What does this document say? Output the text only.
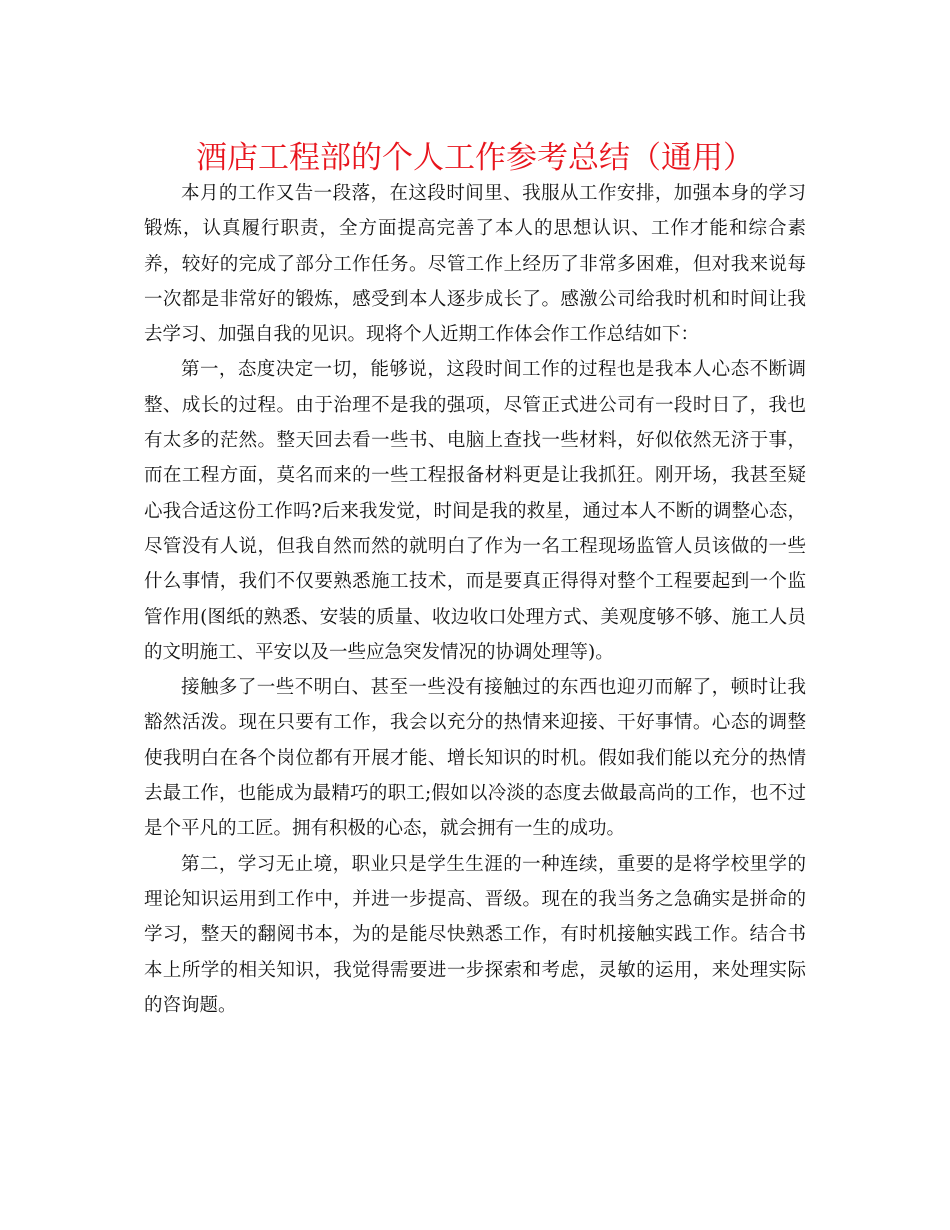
酒店工程部的个人工作参考总结（通用）

本月的工作又告一段落，在这段时间里、我服从工作安排，加强本身的学习锻炼，认真履行职责，全方面提高完善了本人的思想认识、工作才能和综合素养，较好的完成了部分工作任务。尽管工作上经历了非常多困难，但对我来说每一次都是非常好的锻炼，感受到本人逐步成长了。感激公司给我时机和时间让我去学习、加强自我的见识。现将个人近期工作体会作工作总结如下：

第一，态度决定一切，能够说，这段时间工作的过程也是我本人心态不断调整、成长的过程。由于治理不是我的强项，尽管正式进公司有一段时日了，我也有太多的茫然。整天回去看一些书、电脑上查找一些材料，好似依然无济于事，而在工程方面，莫名而来的一些工程报备材料更是让我抓狂。刚开场，我甚至疑心我合适这份工作吗?后来我发觉，时间是我的救星，通过本人不断的调整心态，尽管没有人说，但我自然而然的就明白了作为一名工程现场监管人员该做的一些什么事情，我们不仅要熟悉施工技术，而是要真正得得对整个工程要起到一个监管作用(图纸的熟悉、安装的质量、收边收口处理方式、美观度够不够、施工人员的文明施工、平安以及一些应急突发情况的协调处理等)。

接触多了一些不明白、甚至一些没有接触过的东西也迎刃而解了，顿时让我豁然活泼。现在只要有工作，我会以充分的热情来迎接、干好事情。心态的调整使我明白在各个岗位都有开展才能、增长知识的时机。假如我们能以充分的热情去最工作，也能成为最精巧的职工;假如以冷淡的态度去做最高尚的工作，也不过是个平凡的工匠。拥有积极的心态，就会拥有一生的成功。

第二，学习无止境，职业只是学生生涯的一种连续，重要的是将学校里学的理论知识运用到工作中，并进一步提高、晋级。现在的我当务之急确实是拼命的学习，整天的翻阅书本，为的是能尽快熟悉工作，有时机接触实践工作。结合书本上所学的相关知识，我觉得需要进一步探索和考虑，灵敏的运用，来处理实际的咨询题。
